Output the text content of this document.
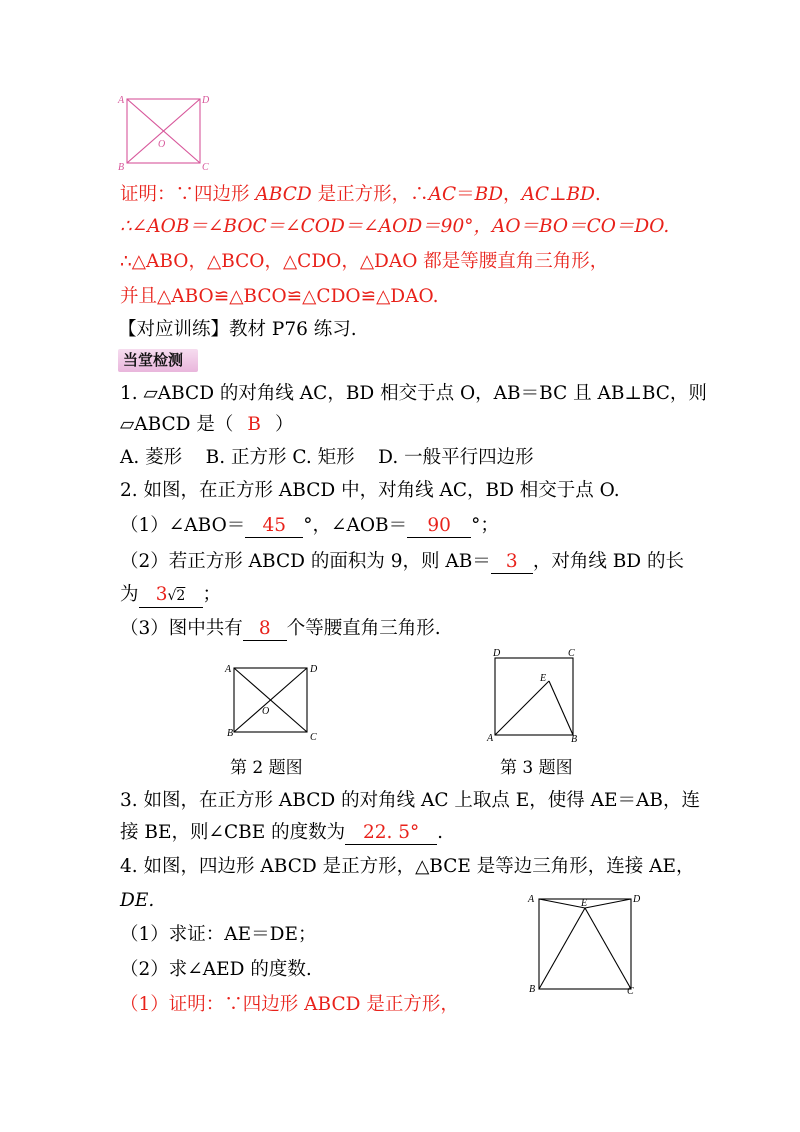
A	D
O
B	C
证明：∵四边形 ABCD 是正方形，∴AC＝BD，AC⊥BD.
∴∠AOB＝∠BOC＝∠COD＝∠AOD＝90°，AO＝BO＝CO＝DO.
∴△ABO，△BCO，△CDO，△DAO 都是等腰直角三角形，
并且△ABO≌△BCO≌△CDO≌△DAO.
【对应训练】教材 P76 练习.
当堂检测
1. ▱ABCD 的对角线 AC，BD 相交于点 O，AB＝BC 且 AB⊥BC，则
▱ABCD 是（ B ）
A. 菱形    B. 正方形 C. 矩形    D. 一般平行四边形
2. 如图，在正方形 ABCD 中，对角线 AC，BD 相交于点 O.
（1）∠ABO＝ 45 °，∠AOB＝ 90 °；
（2）若正方形 ABCD 的面积为 9，则 AB＝ 3 ，对角线 BD 的长
为 3√2 ；
（3）图中共有 8 个等腰直角三角形.
A	D
O
B	C
D	C
E
A	B
第 2 题图	第 3 题图
3. 如图，在正方形 ABCD 的对角线 AC 上取点 E，使得 AE＝AB，连
接 BE，则∠CBE 的度数为 22. 5° .
4. 如图，四边形 ABCD 是正方形，△BCE 是等边三角形，连接 AE，
DE.
（1）求证：AE＝DE；
（2）求∠AED 的度数.
（1）证明：∵四边形 ABCD 是正方形，
A	D
E
B	C
